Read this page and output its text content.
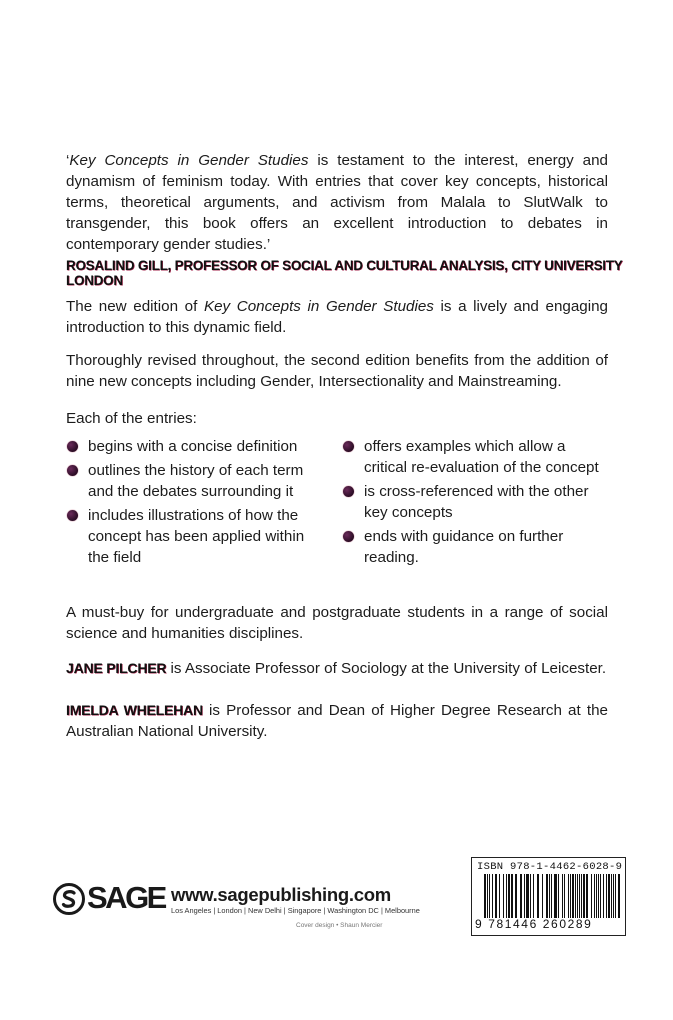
‘Key Concepts in Gender Studies is testament to the interest, energy and dynamism of feminism today. With entries that cover key concepts, historical terms, theoretical arguments, and activism from Malala to SlutWalk to transgender, this book offers an excellent introduction to debates in contemporary gender studies.’
ROSALIND GILL, PROFESSOR OF SOCIAL AND CULTURAL ANALYSIS, CITY UNIVERSITY LONDON
The new edition of Key Concepts in Gender Studies is a lively and engaging introduction to this dynamic field.
Thoroughly revised throughout, the second edition benefits from the addition of nine new concepts including Gender, Intersectionality and Mainstreaming.
Each of the entries:
begins with a concise definition
outlines the history of each term and the debates surrounding it
includes illustrations of how the concept has been applied within the field
offers examples which allow a critical re-evaluation of the concept
is cross-referenced with the other key concepts
ends with guidance on further reading.
A must-buy for undergraduate and postgraduate students in a range of social science and humanities disciplines.
JANE PILCHER is Associate Professor of Sociology at the University of Leicester.
IMELDA WHELEHAN is Professor and Dean of Higher Degree Research at the Australian National University.
SAGE www.sagepublishing.com
Los Angeles | London | New Delhi | Singapore | Washington DC | Melbourne
Cover design • Shaun Mercier
ISBN 978-1-4462-6028-9
9 781446 260289
